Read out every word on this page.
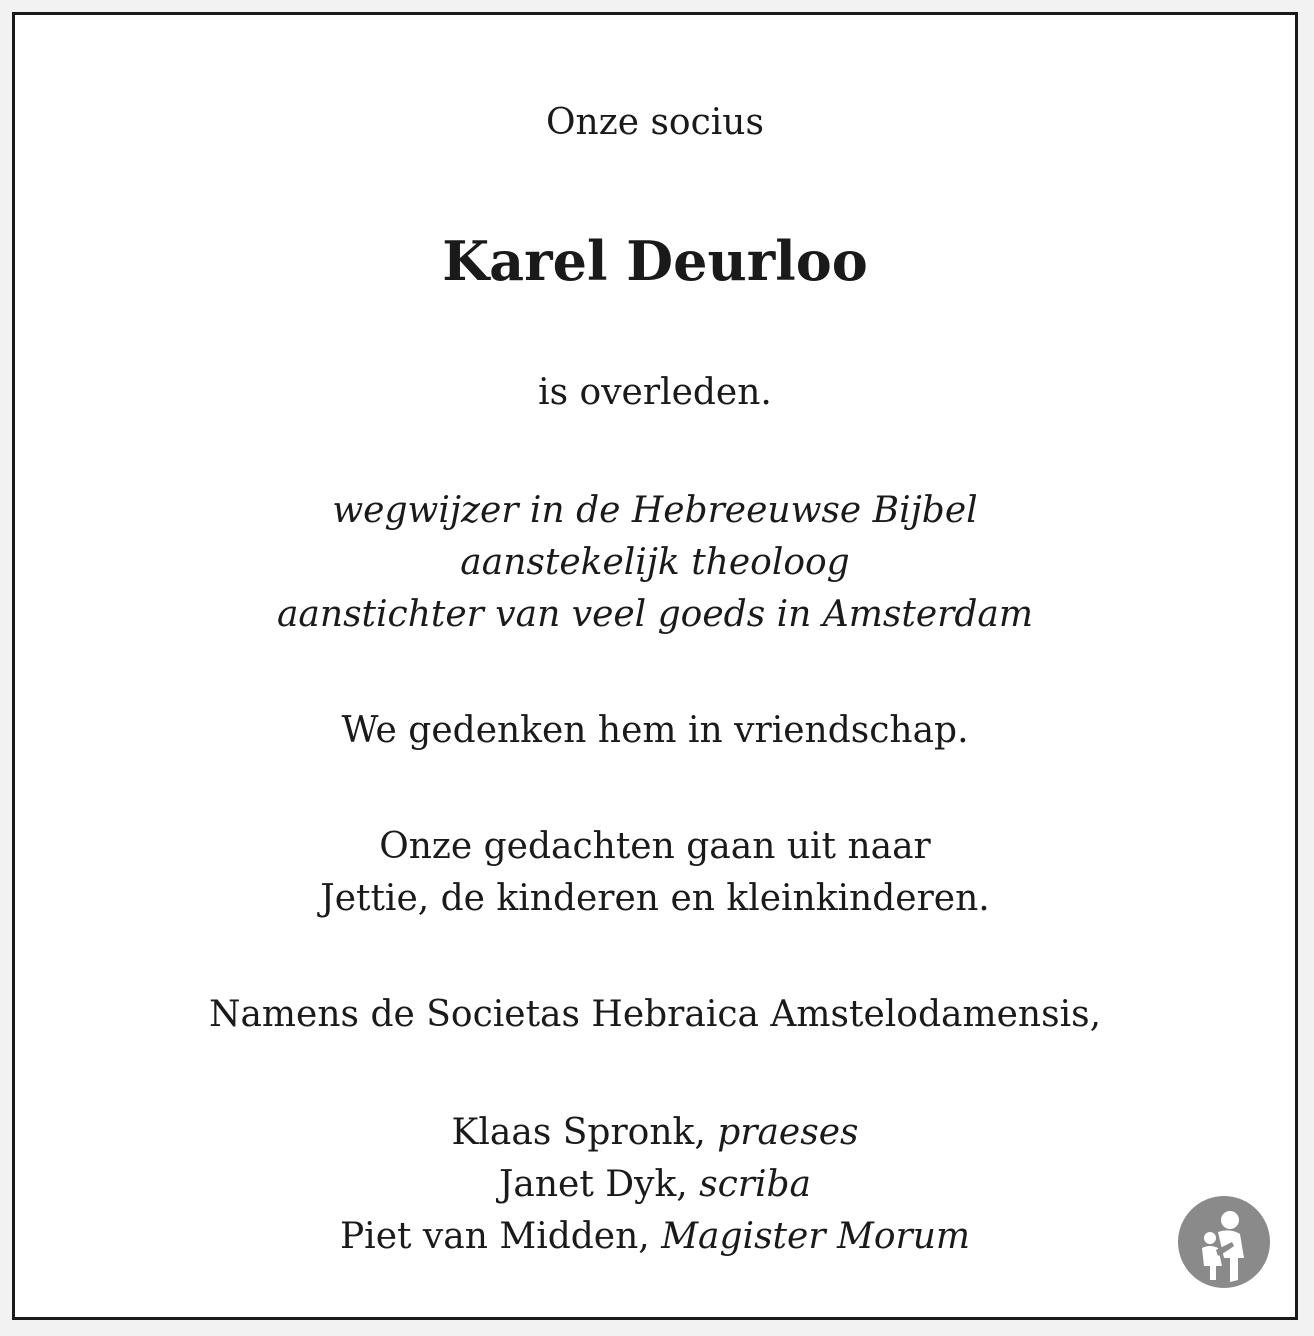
Onze socius
Karel Deurloo
is overleden.
wegwijzer in de Hebreeuwse Bijbel
aanstekelijk theoloog
aanstichter van veel goeds in Amsterdam
We gedenken hem in vriendschap.
Onze gedachten gaan uit naar
Jettie, de kinderen en kleinkinderen.
Namens de Societas Hebraica Amstelodamensis,
Klaas Spronk, praeses
Janet Dyk, scriba
Piet van Midden, Magister Morum
